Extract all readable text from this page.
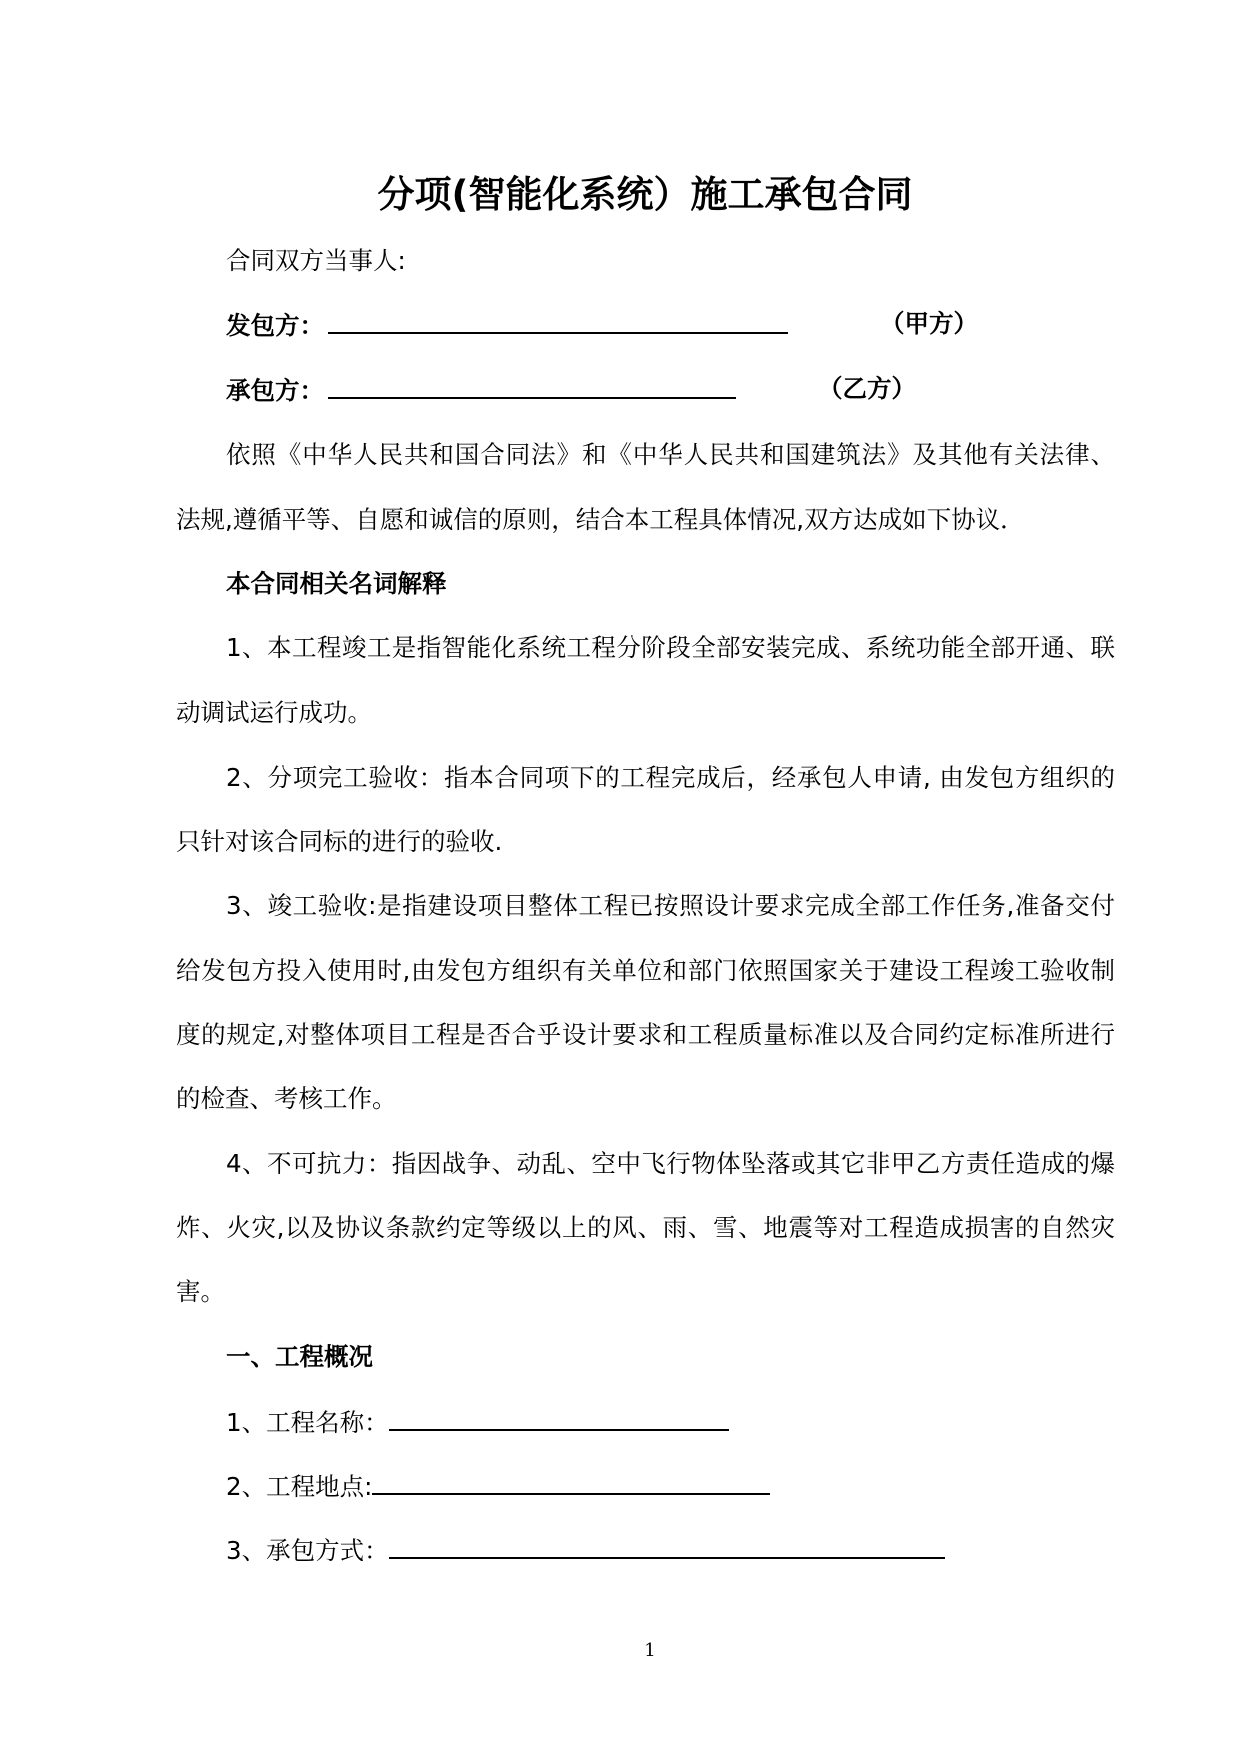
分项(智能化系统）施工承包合同
合同双方当事人:
发包方：	（甲方）
承包方：	（乙方）
依照《中华人民共和国合同法》和《中华人民共和国建筑法》及其他有关法律、
法规,遵循平等、自愿和诚信的原则，结合本工程具体情况,双方达成如下协议．
本合同相关名词解释
1、本工程竣工是指智能化系统工程分阶段全部安装完成、系统功能全部开通、联
动调试运行成功。
2、分项完工验收：指本合同项下的工程完成后，经承包人申请, 由发包方组织的
只针对该合同标的进行的验收.
3、竣工验收:是指建设项目整体工程已按照设计要求完成全部工作任务,准备交付
给发包方投入使用时,由发包方组织有关单位和部门依照国家关于建设工程竣工验收制
度的规定,对整体项目工程是否合乎设计要求和工程质量标准以及合同约定标准所进行
的检查、考核工作。
4、不可抗力：指因战争、动乱、空中飞行物体坠落或其它非甲乙方责任造成的爆
炸、火灾,以及协议条款约定等级以上的风、雨、雪、地震等对工程造成损害的自然灾
害。
一、工程概况
1、工程名称：
2、工程地点:
3、承包方式：
1
